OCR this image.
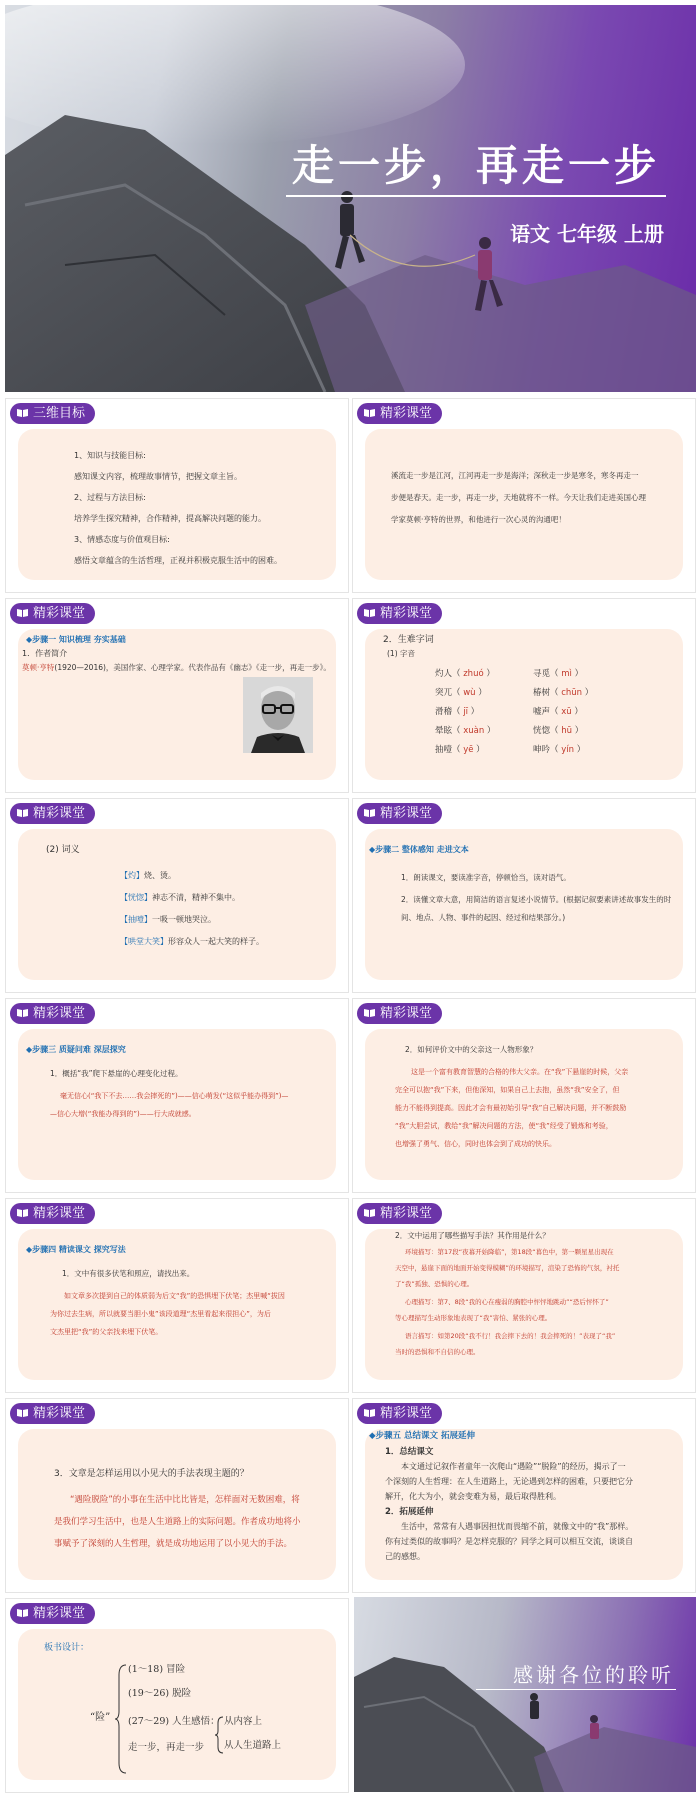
走一步，再走一步
语文 七年级 上册
三维目标
1、知识与技能目标:
感知课文内容，梳理故事情节，把握文章主旨。
2、过程与方法目标:
培养学生探究精神，合作精神，提高解决问题的能力。
3、情感态度与价值观目标:
感悟文章蕴含的生活哲理，正视并积极克服生活中的困难。
精彩课堂
溪流走一步是江河，江河再走一步是海洋；深秋走一步是寒冬，寒冬再走一
步便是春天。走一步，再走一步，天地就将不一样。今天让我们走进美国心理
学家莫顿·亨特的世界，和他进行一次心灵的沟通吧！
精彩课堂
◆步骤一 知识梳理 夯实基础
1．作者简介
莫顿·亨特(1920—2016)，美国作家、心理学家。代表作品有《幽志》《走一步，再走一步》。
精彩课堂
2．生难字词
(1) 字音
灼人（ zhuó ）	寻觅（ mì ）
突兀（ wù ）	椿树（ chūn ）
滑稽（ jī ）	嘘声（ xū ）
晕眩（ xuàn ）	恍惚（ hū ）
抽噎（ yē ）	呻吟（ yín ）
精彩课堂
(2) 词义
【灼】烧、烫。
【恍惚】神志不清，精神不集中。
【抽噎】一吸一顿地哭泣。
【哄堂大笑】形容众人一起大笑的样子。
精彩课堂
◆步骤二 整体感知 走进文本
1．朗读课文，要读准字音，停顿恰当，读对语气。
2．读懂文章大意，用简洁的语言复述小说情节。(根据记叙要素讲述故事发生的时
间、地点、人物、事件的起因、经过和结果部分。)
精彩课堂
◆步骤三 质疑问难 深层探究
1．概括“我”爬下悬崖的心理变化过程。
毫无信心(“我下不去……我会摔死的”)——信心萌发(“这似乎能办得到”)—
—信心大增(“我能办得到的”)——行大成就感。
精彩课堂
2．如何评价文中的父亲这一人物形象？
这是一个富有教育智慧的合格的伟大父亲。在“我”下悬崖的时候，父亲
完全可以抱“我”下来，但他深知，如果自己上去抱，虽然“我”安全了，但
能力不能得到提高。因此才会有最初始引导“我”自己解决问题，并不断鼓励
“我”大胆尝试，教给“我”解决问题的方法，使“我”经受了锻炼和考验，
也增强了勇气、信心，同时也体会到了成功的快乐。
精彩课堂
◆步骤四 精读课文 探究写法
1．文中有很多伏笔和照应，请找出来。
如文章多次提到自己的体质弱为后文“我”的恐惧埋下伏笔；杰里喊“拔因
为你过去生病，所以就要当胆小鬼”该段道理“杰里看起来很担心”，为后
文杰里把“我”的父亲找来埋下伏笔。
精彩课堂
2．文中运用了哪些描写手法？其作用是什么？
环境描写：第17段“夜幕开始降临”，第18段“暮色中，第一颗星星出现在
天空中，悬崖下面的地面开始变得模糊”的环境描写，渲染了恐怖的气氛，衬托
了“我”孤独、恐惧的心理。
心理描写：第7、8段“我的心在瘦弱的胸腔中怦怦地跳动”“恐后怦怀了”
等心理描写生动形象地表现了“我”害怕、紧张的心理。
语言描写：如第20段“我不行！我会摔下去的！我会摔死的！”表现了“我”
当时的恐惧和不自信的心理。
精彩课堂
3．文章是怎样运用以小见大的手法表现主题的？
“遇险脱险”的小事在生活中比比皆是，怎样面对无数困难，将
是我们学习生活中，也是人生道路上的实际问题。作者成功地将小
事赋予了深刻的人生哲理，就是成功地运用了以小见大的手法。
精彩课堂
◆步骤五 总结课文 拓展延伸
1．总结课文
本文通过记叙作者童年一次爬山“遇险”“脱险”的经历，揭示了一
个深刻的人生哲理：在人生道路上，无论遇到怎样的困难，只要把它分
解开，化大为小，就会变难为易，最后取得胜利。
2．拓展延伸
生活中，常常有人遇事因担忧而畏缩不前，就像文中的“我”那样。
你有过类似的故事吗？是怎样克服的？同学之间可以相互交流，谈谈自
己的感想。
精彩课堂
板书设计：
“险”
(1～18) 冒险
(19～26) 脱险
(27～29) 人生感悟：
走一步，再走一步
从内容上
从人生道路上
感谢各位的聆听
